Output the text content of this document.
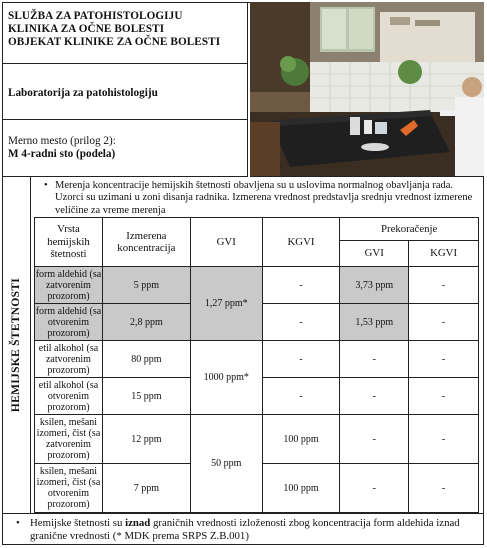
SLUŽBA ZA PATOHISTOLOGIJU
KLINIKA ZA OČNE BOLESTI
OBJEKAT KLINIKE ZA OČNE BOLESTI
Laboratorija za patohistologiju
Merno mesto (prilog 2):
M 4-radni sto (podela)
HEMIJSKE ŠTETNOSTI
• Merenja koncentracije hemijskih štetnosti obavljena su u uslovima normalnog obavljanja rada. Uzorci su uzimani u zoni disanja radnika. Izmerena vrednost predstavlja srednju vrednost izmerene veličine za vreme merenja
Vrsta hemijskih štetnosti	Izmerena koncentracija	GVI	KGVI	Prekoračenje	
				GVI	KGVI
form aldehid (sa zatvorenim prozorom)	5 ppm	1,27 ppm*	-	3,73 ppm	-
form aldehid (sa otvorenim prozorom)	2,8 ppm		-	1,53 ppm	-
etil alkohol (sa zatvorenim prozorom)	80 ppm	1000 ppm*	-	-	-
etil alkohol (sa otvorenim prozorom)	15 ppm		-	-	-
ksilen, mešani izomeri, čist (sa zatvorenim prozorom)	12 ppm	50 ppm	100 ppm	-	-
ksilen, mešani izomeri, čist (sa otvorenim prozorom)	7 ppm		100 ppm	-	-
• Hemijske štetnosti su iznad graničnih vrednosti izloženosti zbog koncentracija form aldehida iznad granične vrednosti (* MDK prema SRPS Z.B.001)
